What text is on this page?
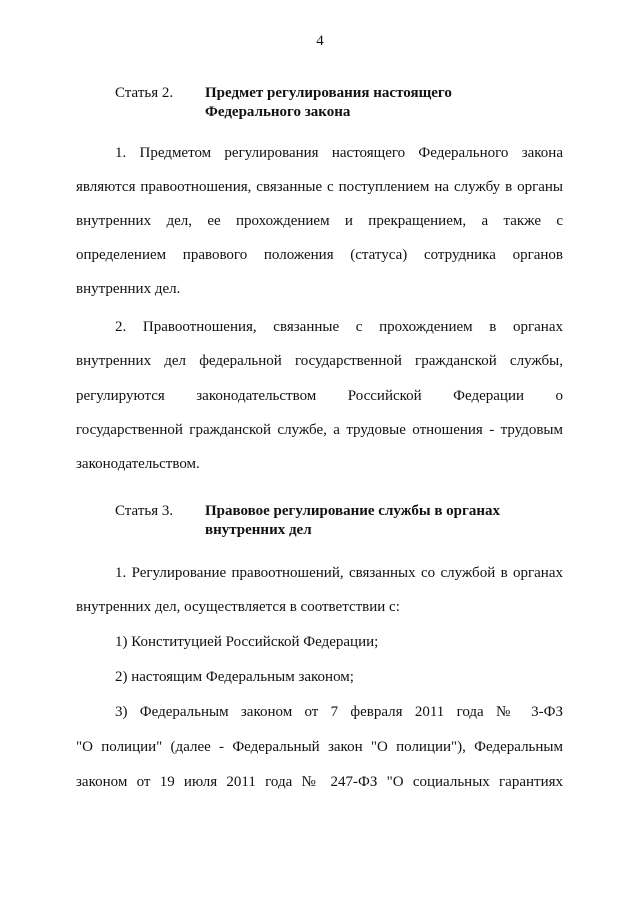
4
Статья 2. Предмет регулирования настоящего
Федерального закона
1. Предметом регулирования настоящего Федерального закона
являются правоотношения, связанные с поступлением на службу в органы
внутренних дел, ее прохождением и прекращением, а также с
определением правового положения (статуса) сотрудника органов
внутренних дел.
2. Правоотношения, связанные с прохождением в органах
внутренних дел федеральной государственной гражданской службы,
регулируются законодательством Российской Федерации о
государственной гражданской службе, а трудовые отношения - трудовым
законодательством.
Статья 3. Правовое регулирование службы в органах
внутренних дел
1. Регулирование правоотношений, связанных со службой в органах
внутренних дел, осуществляется в соответствии с:
1) Конституцией Российской Федерации;
2) настоящим Федеральным законом;
3) Федеральным законом от 7 февраля 2011 года № 3-ФЗ
"О полиции" (далее - Федеральный закон "О полиции"), Федеральным
законом от 19 июля 2011 года № 247-ФЗ "О социальных гарантиях
